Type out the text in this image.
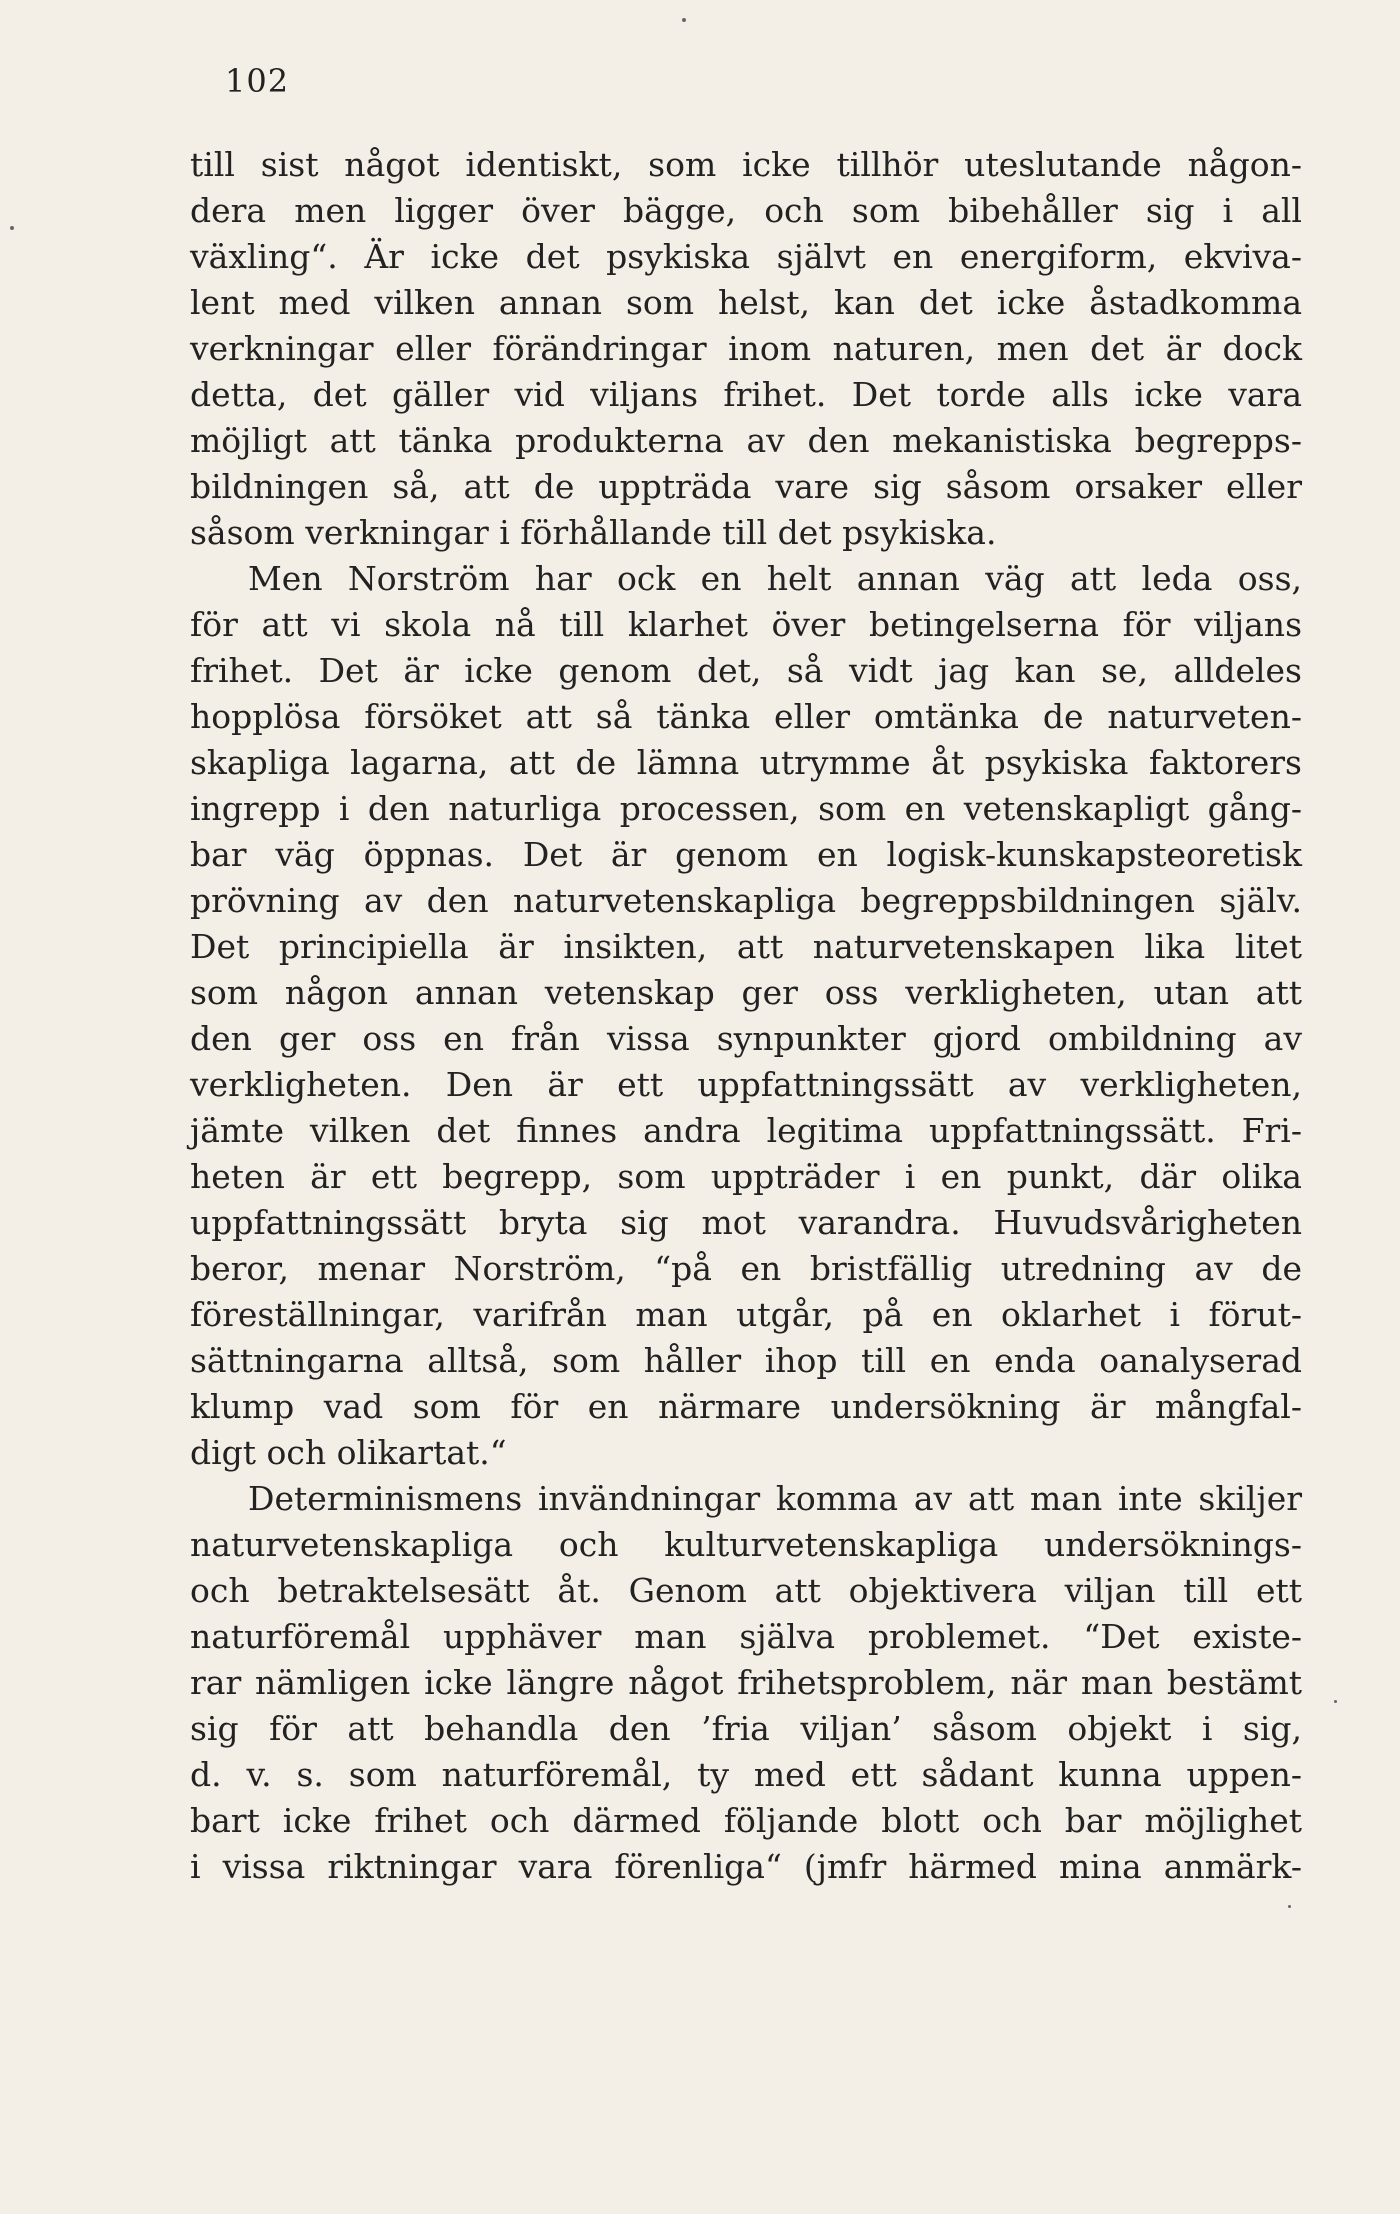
102
till sist något identiskt, som icke tillhör uteslutande någon-
dera men ligger över bägge, och som bibehåller sig i all
växling“. Är icke det psykiska självt en energiform, ekviva-
lent med vilken annan som helst, kan det icke åstadkomma
verkningar eller förändringar inom naturen, men det är dock
detta, det gäller vid viljans frihet. Det torde alls icke vara
möjligt att tänka produkterna av den mekanistiska begrepps-
bildningen så, att de uppträda vare sig såsom orsaker eller
såsom verkningar i förhållande till det psykiska.
Men Norström har ock en helt annan väg att leda oss,
för att vi skola nå till klarhet över betingelserna för viljans
frihet. Det är icke genom det, så vidt jag kan se, alldeles
hopplösa försöket att så tänka eller omtänka de naturveten-
skapliga lagarna, att de lämna utrymme åt psykiska faktorers
ingrepp i den naturliga processen, som en vetenskapligt gång-
bar väg öppnas. Det är genom en logisk-kunskapsteoretisk
prövning av den naturvetenskapliga begreppsbildningen själv.
Det principiella är insikten, att naturvetenskapen lika litet
som någon annan vetenskap ger oss verkligheten, utan att
den ger oss en från vissa synpunkter gjord ombildning av
verkligheten. Den är ett uppfattningssätt av verkligheten,
jämte vilken det finnes andra legitima uppfattningssätt. Fri-
heten är ett begrepp, som uppträder i en punkt, där olika
uppfattningssätt bryta sig mot varandra. Huvudsvårigheten
beror, menar Norström, “på en bristfällig utredning av de
föreställningar, varifrån man utgår, på en oklarhet i förut-
sättningarna alltså, som håller ihop till en enda oanalyserad
klump vad som för en närmare undersökning är mångfal-
digt och olikartat.“
Determinismens invändningar komma av att man inte skiljer
naturvetenskapliga och kulturvetenskapliga undersöknings-
och betraktelsesätt åt. Genom att objektivera viljan till ett
naturföremål upphäver man själva problemet. “Det existe-
rar nämligen icke längre något frihetsproblem, när man bestämt
sig för att behandla den ’fria viljan’ såsom objekt i sig,
d. v. s. som naturföremål, ty med ett sådant kunna uppen-
bart icke frihet och därmed följande blott och bar möjlighet
i vissa riktningar vara förenliga“ (jmfr härmed mina anmärk-
